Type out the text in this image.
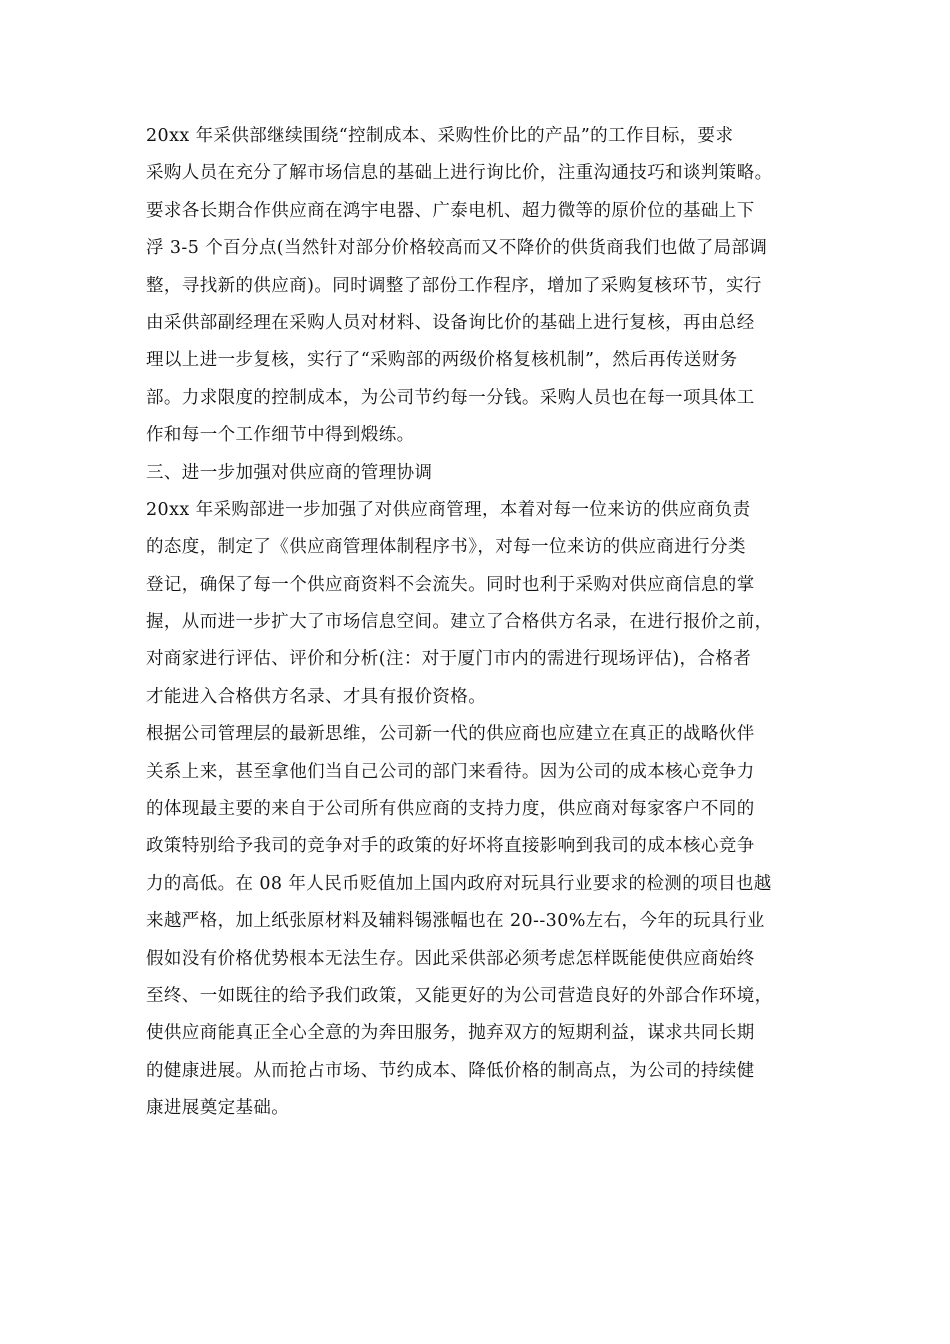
20xx 年采供部继续围绕“控制成本、采购性价比的产品”的工作目标，要求
采购人员在充分了解市场信息的基础上进行询比价，注重沟通技巧和谈判策略。
要求各长期合作供应商在鸿宇电器、广泰电机、超力微等的原价位的基础上下
浮 3-5 个百分点(当然针对部分价格较高而又不降价的供货商我们也做了局部调
整，寻找新的供应商)。同时调整了部份工作程序，增加了采购复核环节，实行
由采供部副经理在采购人员对材料、设备询比价的基础上进行复核，再由总经
理以上进一步复核，实行了“采购部的两级价格复核机制”，然后再传送财务
部。力求限度的控制成本，为公司节约每一分钱。采购人员也在每一项具体工
作和每一个工作细节中得到煅练。
三、进一步加强对供应商的管理协调
20xx 年采购部进一步加强了对供应商管理，本着对每一位来访的供应商负责
的态度，制定了《供应商管理体制程序书》，对每一位来访的供应商进行分类
登记，确保了每一个供应商资料不会流失。同时也利于采购对供应商信息的掌
握，从而进一步扩大了市场信息空间。建立了合格供方名录，在进行报价之前，
对商家进行评估、评价和分析(注：对于厦门市内的需进行现场评估)，合格者
才能进入合格供方名录、才具有报价资格。
根据公司管理层的最新思维，公司新一代的供应商也应建立在真正的战略伙伴
关系上来，甚至拿他们当自己公司的部门来看待。因为公司的成本核心竞争力
的体现最主要的来自于公司所有供应商的支持力度，供应商对每家客户不同的
政策特别给予我司的竞争对手的政策的好坏将直接影响到我司的成本核心竞争
力的高低。在 08 年人民币贬值加上国内政府对玩具行业要求的检测的项目也越
来越严格，加上纸张原材料及辅料锡涨幅也在 20--30%左右，今年的玩具行业
假如没有价格优势根本无法生存。因此采供部必须考虑怎样既能使供应商始终
至终、一如既往的给予我们政策，又能更好的为公司营造良好的外部合作环境，
使供应商能真正全心全意的为奔田服务，抛弃双方的短期利益，谋求共同长期
的健康进展。从而抢占市场、节约成本、降低价格的制高点，为公司的持续健
康进展奠定基础。
